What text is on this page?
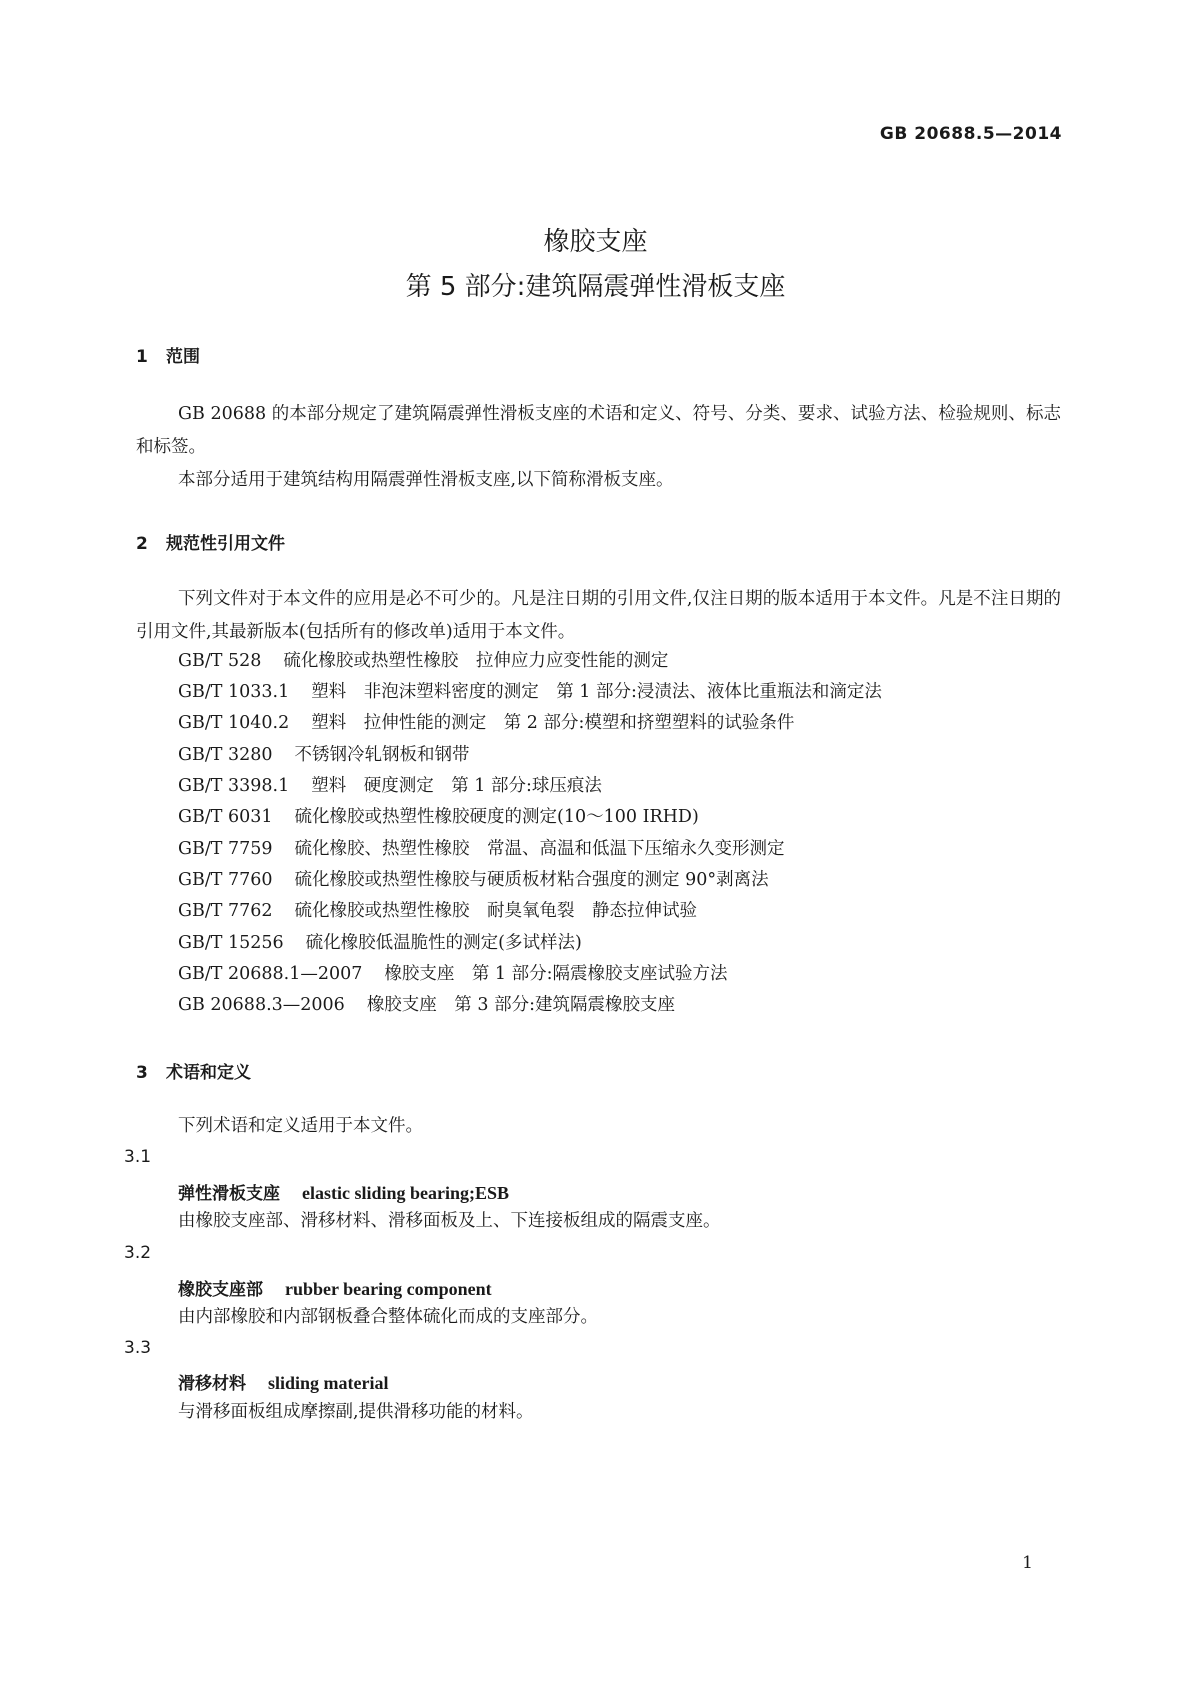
GB 20688.5—2014
橡胶支座
第 5 部分:建筑隔震弹性滑板支座
1 范围
GB 20688 的本部分规定了建筑隔震弹性滑板支座的术语和定义、符号、分类、要求、试验方法、检验规则、标志和标签。
本部分适用于建筑结构用隔震弹性滑板支座,以下简称滑板支座。
2 规范性引用文件
下列文件对于本文件的应用是必不可少的。凡是注日期的引用文件,仅注日期的版本适用于本文件。凡是不注日期的引用文件,其最新版本(包括所有的修改单)适用于本文件。
GB/T 528 硫化橡胶或热塑性橡胶　拉伸应力应变性能的测定
GB/T 1033.1 塑料　非泡沫塑料密度的测定　第 1 部分:浸渍法、液体比重瓶法和滴定法
GB/T 1040.2 塑料　拉伸性能的测定　第 2 部分:模塑和挤塑塑料的试验条件
GB/T 3280 不锈钢冷轧钢板和钢带
GB/T 3398.1 塑料　硬度测定　第 1 部分:球压痕法
GB/T 6031 硫化橡胶或热塑性橡胶硬度的测定(10～100 IRHD)
GB/T 7759 硫化橡胶、热塑性橡胶　常温、高温和低温下压缩永久变形测定
GB/T 7760 硫化橡胶或热塑性橡胶与硬质板材粘合强度的测定 90°剥离法
GB/T 7762 硫化橡胶或热塑性橡胶　耐臭氧龟裂　静态拉伸试验
GB/T 15256 硫化橡胶低温脆性的测定(多试样法)
GB/T 20688.1—2007 橡胶支座　第 1 部分:隔震橡胶支座试验方法
GB 20688.3—2006 橡胶支座　第 3 部分:建筑隔震橡胶支座
3 术语和定义
下列术语和定义适用于本文件。
3.1
弹性滑板支座 elastic sliding bearing;ESB
由橡胶支座部、滑移材料、滑移面板及上、下连接板组成的隔震支座。
3.2
橡胶支座部 rubber bearing component
由内部橡胶和内部钢板叠合整体硫化而成的支座部分。
3.3
滑移材料 sliding material
与滑移面板组成摩擦副,提供滑移功能的材料。
1
